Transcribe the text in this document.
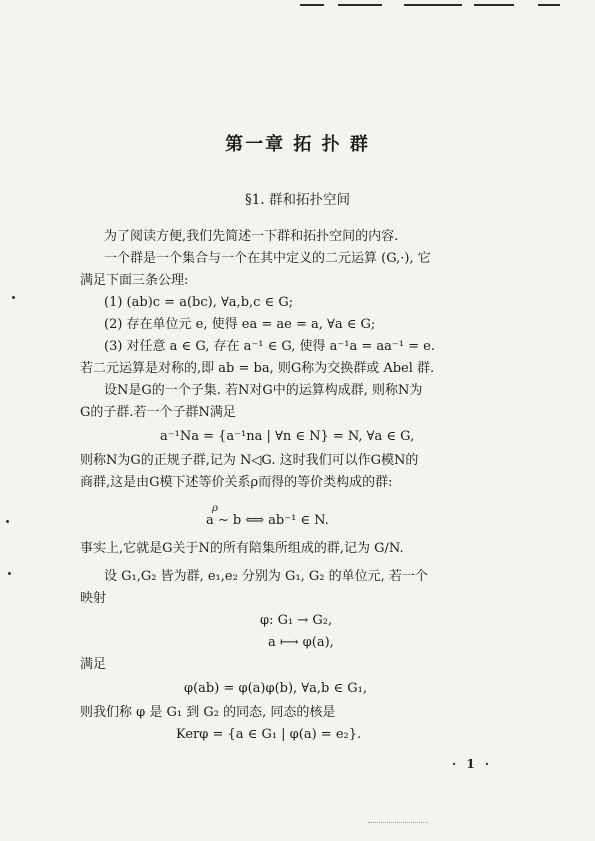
第一章 拓 扑 群
§1. 群和拓扑空间
为了阅读方便,我们先简述一下群和拓扑空间的内容.
一个群是一个集合与一个在其中定义的二元运算 (G,·), 它
满足下面三条公理:
(1) (ab)c = a(bc), ∀a,b,c ∈ G;
(2) 存在单位元 e, 使得 ea = ae = a, ∀a ∈ G;
(3) 对任意 a ∈ G, 存在 a⁻¹ ∈ G, 使得 a⁻¹a = aa⁻¹ = e.
若二元运算是对称的,即 ab = ba, 则G称为交换群或 Abel 群.
设N是G的一个子集. 若N对G中的运算构成群, 则称N为
G的子群.若一个子群N满足
a⁻¹Na = {a⁻¹na | ∀n ∈ N} = N, ∀a ∈ G,
则称N为G的正规子群,记为 N◁G. 这时我们可以作G模N的
商群,这是由G模下述等价关系ρ而得的等价类构成的群:
ρ
a ∼ b ⟺ ab⁻¹ ∈ N.
事实上,它就是G关于N的所有陪集所组成的群,记为 G/N.
设 G₁,G₂ 皆为群, e₁,e₂ 分别为 G₁, G₂ 的单位元, 若一个
映射
φ: G₁ → G₂,
a ⟼ φ(a),
满足
φ(ab) = φ(a)φ(b), ∀a,b ∈ G₁,
则我们称 φ 是 G₁ 到 G₂ 的同态, 同态的核是
Kerφ = {a ∈ G₁ | φ(a) = e₂}.
· 1 ·
